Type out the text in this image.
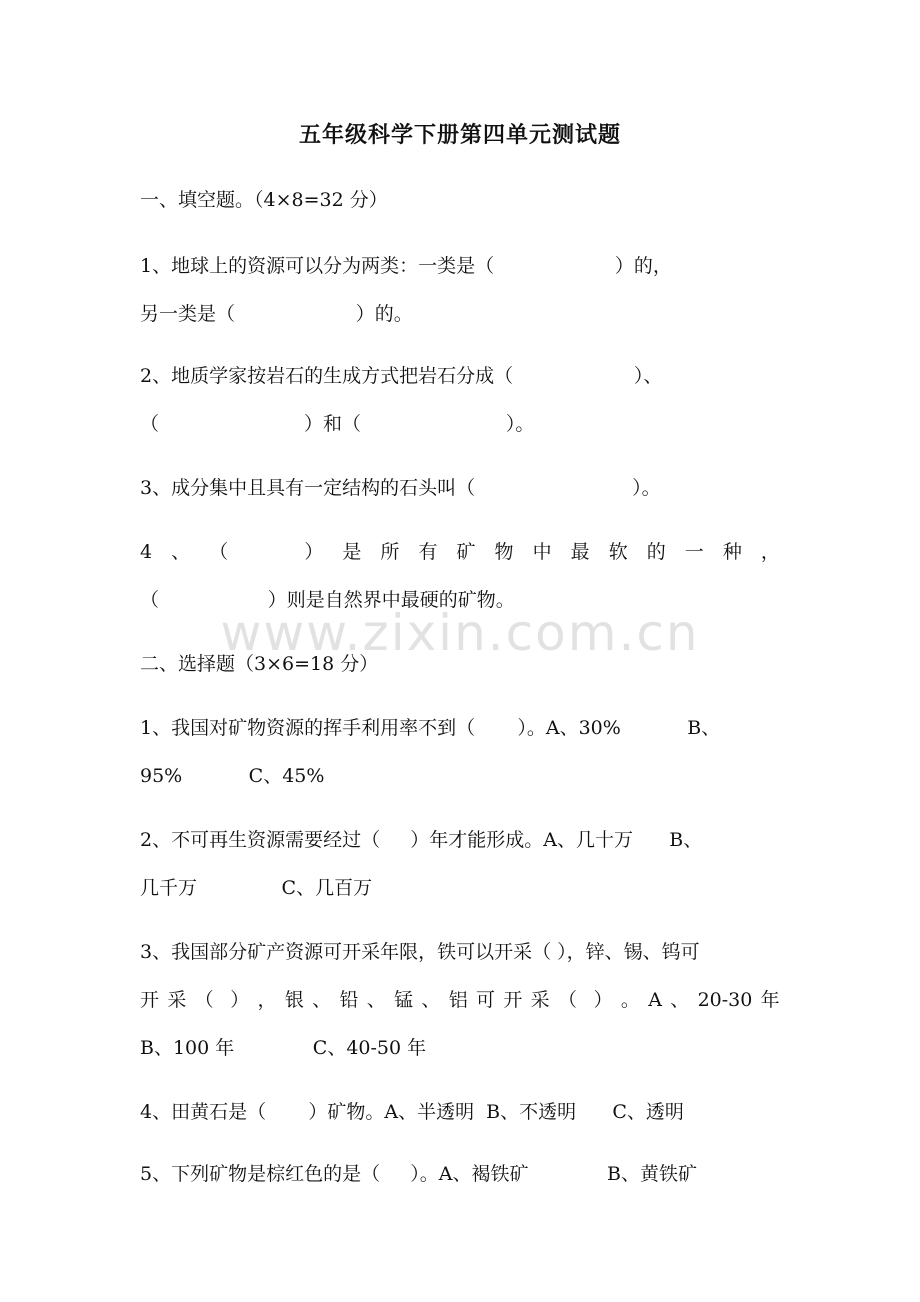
五年级科学下册第四单元测试题
一、填空题。（4×8=32 分）
1、地球上的资源可以分为两类：一类是（                    ）的，
另一类是（                    ）的。
2、地质学家按岩石的生成方式把岩石分成（                    ）、
（                        ）和（                        ）。
3、成分集中且具有一定结构的石头叫（                          ）。
4 、 （	） 是 所 有 矿 物 中 最 软 的 一 种 ，
（                  ）则是自然界中最硬的矿物。
二、选择题（3×6=18 分）
1、我国对矿物资源的挥手利用率不到（       ）。A、30%           B、
95%           C、45%
2、不可再生资源需要经过（     ）年才能形成。A、几十万      B、
几千万              C、几百万
3、我国部分矿产资源可开采年限，铁可以开采（ ），锌、锡、钨可
开 采 （ ） ， 银 、 铅 、 锰 、 铝 可 开 采 （ ） 。 A 、 20-30 年
B、100 年             C、40-50 年
4、田黄石是（       ）矿物。A、半透明  B、不透明      C、透明
5、下列矿物是棕红色的是（     ）。A、褐铁矿             B、黄铁矿
www.zixin.com.cn
